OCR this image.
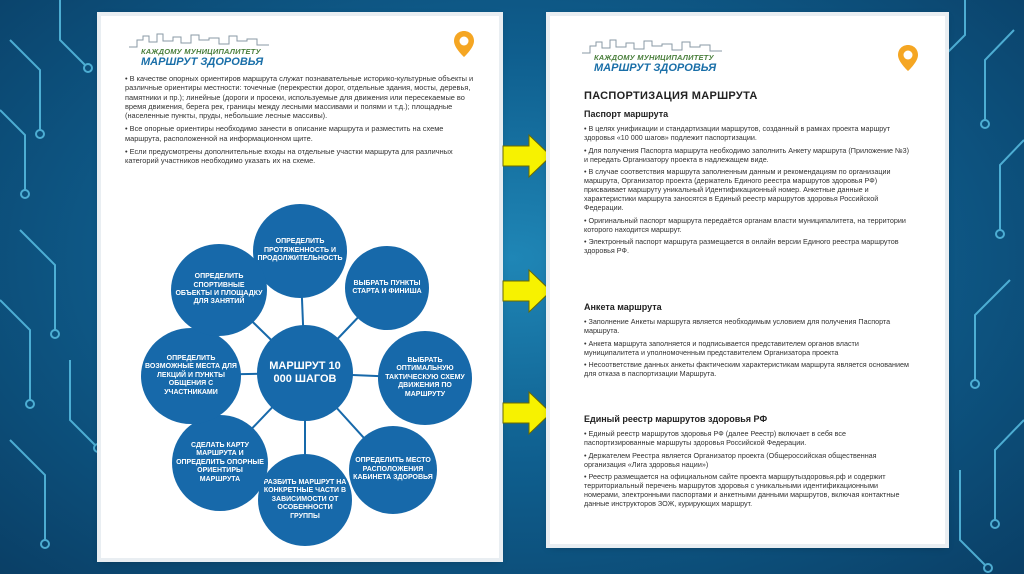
КАЖДОМУ МУНИЦИПАЛИТЕТУ
МАРШРУТ ЗДОРОВЬЯ

• В качестве опорных ориентиров маршрута служат познавательные историко-культурные объекты и различные ориентиры местности: точечные (перекрестки дорог, отдельные здания, мосты, деревья, памятники и пр.); линейные (дороги и просеки, используемые для движения или пересекаемые во время движения, берега рек, границы между лесными массивами и полями и т.д.); площадные (населенные пункты, пруды, небольшие лесные массивы).

• Все опорные ориентиры необходимо занести в описание маршрута и разместить на схеме маршрута, расположенной на информационном щите.

• Если предусмотрены дополнительные входы на отдельные участки маршрута для различных категорий участников необходимо указать их на схеме.

МАРШРУТ 10 000 ШАГОВ
ОПРЕДЕЛИТЬ ПРОТЯЖЕННОСТЬ И ПРОДОЛЖИТЕЛЬНОСТЬ
ВЫБРАТЬ ПУНКТЫ СТАРТА И ФИНИША
ВЫБРАТЬ ОПТИМАЛЬНУЮ ТАКТИЧЕСКУЮ СХЕМУ ДВИЖЕНИЯ ПО МАРШРУТУ
ОПРЕДЕЛИТЬ МЕСТО РАСПОЛОЖЕНИЯ КАБИНЕТА ЗДОРОВЬЯ
РАЗБИТЬ МАРШРУТ НА КОНКРЕТНЫЕ ЧАСТИ В ЗАВИСИМОСТИ ОТ ОСОБЕННОСТИ ГРУППЫ
СДЕЛАТЬ КАРТУ МАРШРУТА И ОПРЕДЕЛИТЬ ОПОРНЫЕ ОРИЕНТИРЫ МАРШРУТА
ОПРЕДЕЛИТЬ ВОЗМОЖНЫЕ МЕСТА ДЛЯ ЛЕКЦИЙ И ПУНКТЫ ОБЩЕНИЯ С УЧАСТНИКАМИ
ОПРЕДЕЛИТЬ СПОРТИВНЫЕ ОБЪЕКТЫ И ПЛОЩАДКУ ДЛЯ ЗАНЯТИЙ
КАЖДОМУ МУНИЦИПАЛИТЕТУ
МАРШРУТ ЗДОРОВЬЯ
ПАСПОРТИЗАЦИЯ МАРШРУТА
Паспорт маршрута

• В целях унификации и стандартизации маршрутов, созданный в рамках проекта маршрут здоровья «10 000 шагов» подлежит паспортизации.

• Для получения Паспорта маршрута необходимо заполнить Анкету маршрута (Приложение №3) и передать Организатору проекта в надлежащем виде.

• В случае соответствия маршрута заполненным данным и рекомендациям по организации маршрута, Организатор проекта (держатель Единого реестра маршрутов здоровья РФ) присваивает маршруту уникальный Идентификационный номер. Анкетные данные и характеристики маршрута заносятся в Единый реестр маршрутов здоровья Российской Федерации.

• Оригинальный паспорт маршрута передаётся органам власти муниципалитета, на территории которого находится маршрут.

• Электронный паспорт маршрута размещается в онлайн версии Единого реестра маршрутов здоровья РФ.

Анкета маршрута

• Заполнение Анкеты маршрута является необходимым условием для получения Паспорта маршрута.

• Анкета маршрута заполняется и подписывается представителем органов власти муниципалитета и уполномоченным представителем Организатора проекта

• Несоответствие данных анкеты фактическим характеристикам маршрута является основанием для отказа в паспортизации Маршрута.

Единый реестр маршрутов здоровья РФ

• Единый реестр маршрутов здоровья РФ (далее Реестр) включает в себя все паспортизированные маршруты здоровья Российской Федерации.

• Держателем Реестра является Организатор проекта (Общероссийская общественная организация «Лига здоровья нации»)

• Реестр размещается на официальном сайте проекта маршрутыздоровья.рф и содержит территориальный перечень маршрутов здоровья с уникальными идентификационными номерами, электронными паспортами и анкетными данными маршрутов, включая контактные данные инструкторов ЗОЖ, курирующих маршрут.
